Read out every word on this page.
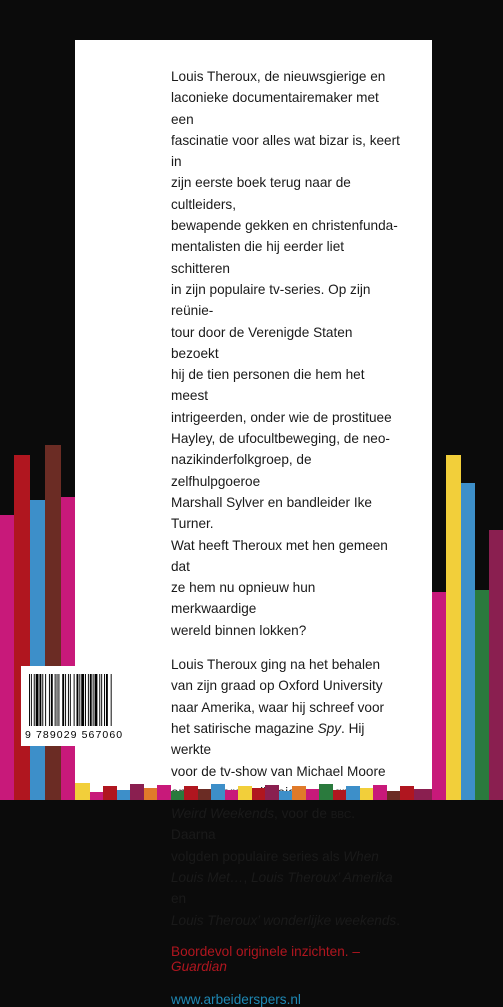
Louis Theroux, de nieuwsgierige en
laconieke documentairemaker met een
fascinatie voor alles wat bizar is, keert in
zijn eerste boek terug naar de cultleiders,
bewapende gekken en christenfunda-
mentalisten die hij eerder liet schitteren
in zijn populaire tv-series. Op zijn reünie-
tour door de Verenigde Staten bezoekt
hij de tien personen die hem het meest
intrigeerden, onder wie de prostituee
Hayley, de ufocultbeweging, de neo-
nazikinderfolkgroep, de zelfhulpgoeroe
Marshall Sylver en bandleider Ike Turner.
Wat heeft Theroux met hen gemeen dat
ze hem nu opnieuw hun merkwaardige
wereld binnen lokken?

Louis Theroux ging na het behalen
van zijn graad op Oxford University
naar Amerika, waar hij schreef voor
het satirische magazine Spy. Hij werkte
voor de tv-show van Michael Moore

Weird Weekends, voor de bbc. Daarna
volgden populaire series als When
Louis Met…, Louis Theroux’ Amerika en
Louis Theroux’ wonderlijke weekends.

Boordevol originele inzichten. – Guardian
www.arbeiderspers.nl
9 789029 567060
